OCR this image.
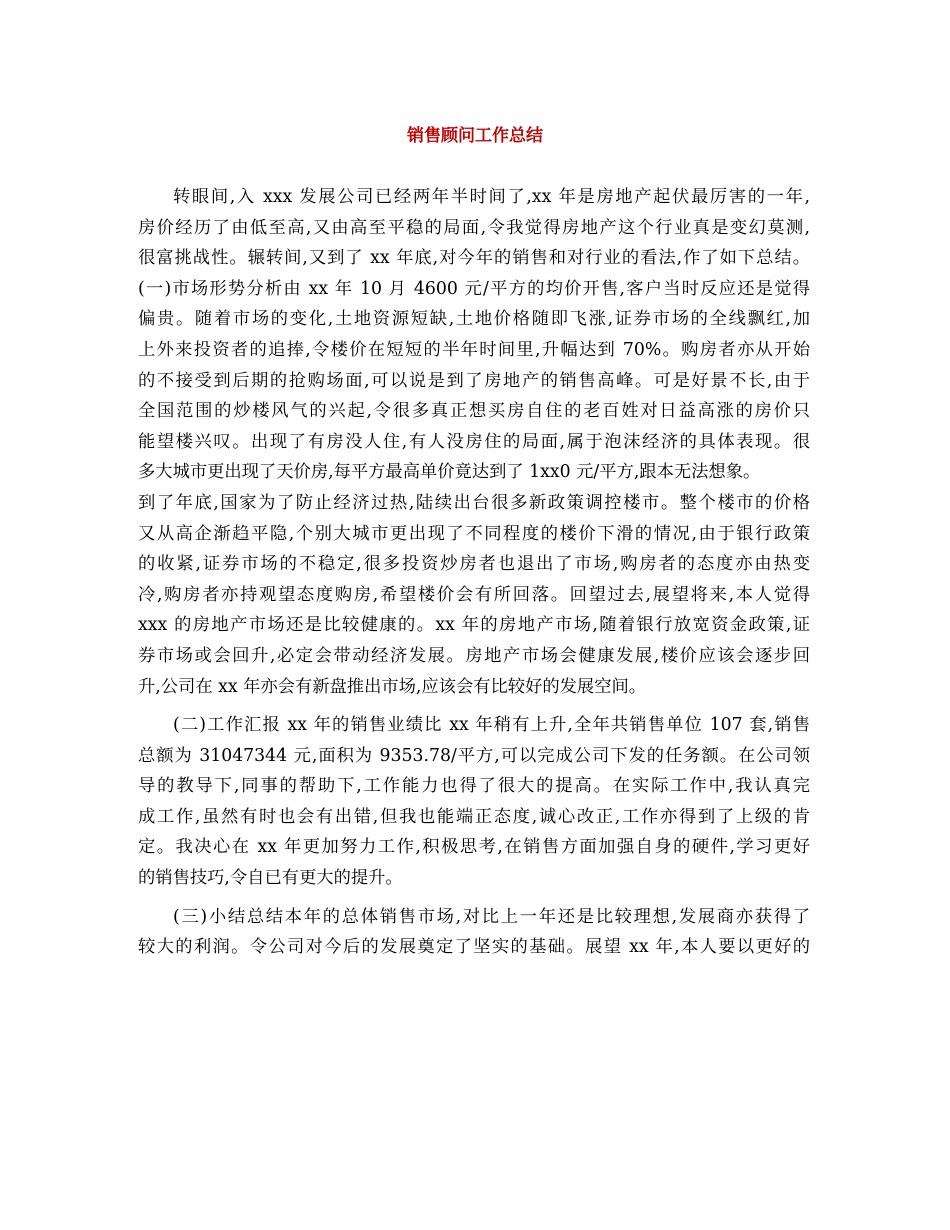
销售顾问工作总结
转眼间,入 xxx 发展公司已经两年半时间了,xx 年是房地产起伏最厉害的一年,
房价经历了由低至高,又由高至平稳的局面,令我觉得房地产这个行业真是变幻莫测,
很富挑战性。辗转间,又到了 xx 年底,对今年的销售和对行业的看法,作了如下总结。
(一)市场形势分析由 xx 年 10 月 4600 元/平方的均价开售,客户当时反应还是觉得
偏贵。随着市场的变化,土地资源短缺,土地价格随即飞涨,证券市场的全线飘红,加
上外来投资者的追捧,令楼价在短短的半年时间里,升幅达到 70%。购房者亦从开始
的不接受到后期的抢购场面,可以说是到了房地产的销售高峰。可是好景不长,由于
全国范围的炒楼风气的兴起,令很多真正想买房自住的老百姓对日益高涨的房价只
能望楼兴叹。出现了有房没人住,有人没房住的局面,属于泡沫经济的具体表现。很
多大城市更出现了天价房,每平方最高单价竟达到了 1xx0 元/平方,跟本无法想象。
到了年底,国家为了防止经济过热,陆续出台很多新政策调控楼市。整个楼市的价格
又从高企渐趋平隐,个别大城市更出现了不同程度的楼价下滑的情况,由于银行政策
的收紧,证券市场的不稳定,很多投资炒房者也退出了市场,购房者的态度亦由热变
冷,购房者亦持观望态度购房,希望楼价会有所回落。回望过去,展望将来,本人觉得
xxx 的房地产市场还是比较健康的。xx 年的房地产市场,随着银行放宽资金政策,证
券市场或会回升,必定会带动经济发展。房地产市场会健康发展,楼价应该会逐步回
升,公司在 xx 年亦会有新盘推出市场,应该会有比较好的发展空间。
(二)工作汇报 xx 年的销售业绩比 xx 年稍有上升,全年共销售单位 107 套,销售
总额为 31047344 元,面积为 9353.78/平方,可以完成公司下发的任务额。在公司领
导的教导下,同事的帮助下,工作能力也得了很大的提高。在实际工作中,我认真完
成工作,虽然有时也会有出错,但我也能端正态度,诚心改正,工作亦得到了上级的肯
定。我决心在 xx 年更加努力工作,积极思考,在销售方面加强自身的硬件,学习更好
的销售技巧,令自已有更大的提升。
(三)小结总结本年的总体销售市场,对比上一年还是比较理想,发展商亦获得了
较大的利润。令公司对今后的发展奠定了坚实的基础。展望 xx 年,本人要以更好的
